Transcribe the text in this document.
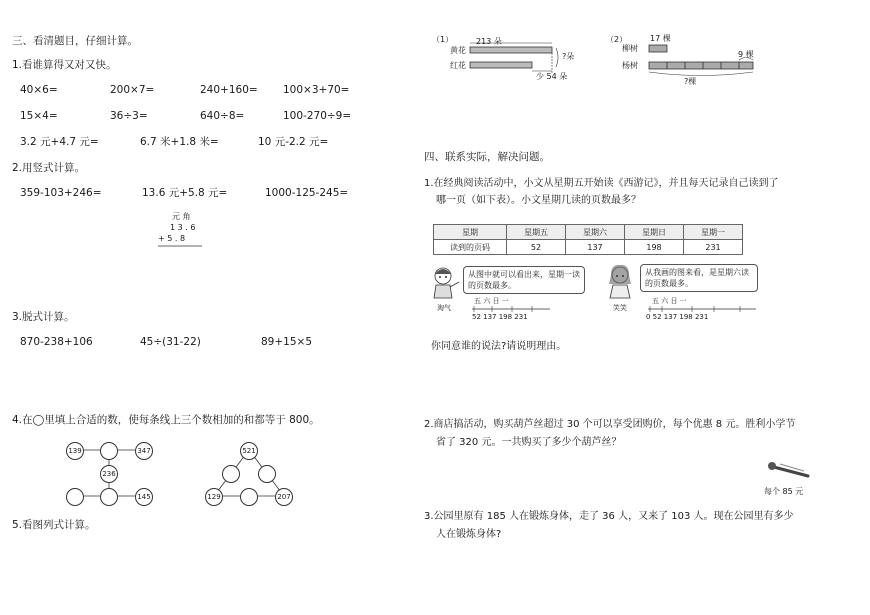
三、看清题目，仔细计算。
1.看谁算得又对又快。
40×6=	200×7=	240+160= 100×3+70=
15×4=	36÷3=	640÷8=	100-270÷9=
3.2 元+4.7 元=	6.7 米+1.8 米=	10 元-2.2 元=
2.用竖式计算。
359-103+246=	13.6 元+5.8 元=	1000-125-245=
元 角
1 3 . 6
+ 5 . 8
3.脱式计算。
870-238+106	45÷(31-22)	89+15×5
4.在◯里填上合适的数，使每条线上三个数相加的和都等于 800。
139	347
236
145
521
129	207
5.看图列式计算。
（1）	213 朵
黄花
红花
?朵
少 54 朵
（2）	17 棵
柳树
杨树
9 棵
?棵
四、联系实际，解决问题。
1.在经典阅读活动中，小文从星期五开始读《西游记》，并且每天记录自己读到了
哪一页（如下表）。小文星期几读的页数最多？
星期	星期五	星期六	星期日	星期一
读到的页码	52	137	198	231
淘气
从图中就可以看出来，星期一读的页数最多。
五 六 日 一
52 137 198 231
笑笑
从我画的图来看，是星期六读的页数最多。
五 六 日 一
0 52 137 198 231
你同意谁的说法?请说明理由。
2.商店搞活动，购买葫芦丝超过 30 个可以享受团购价，每个优惠 8 元。胜利小学节
省了 320 元。一共购买了多少个葫芦丝？
每个 85 元
3.公园里原有 185 人在锻炼身体，走了 36 人，又来了 103 人。现在公园里有多少
人在锻炼身体?
